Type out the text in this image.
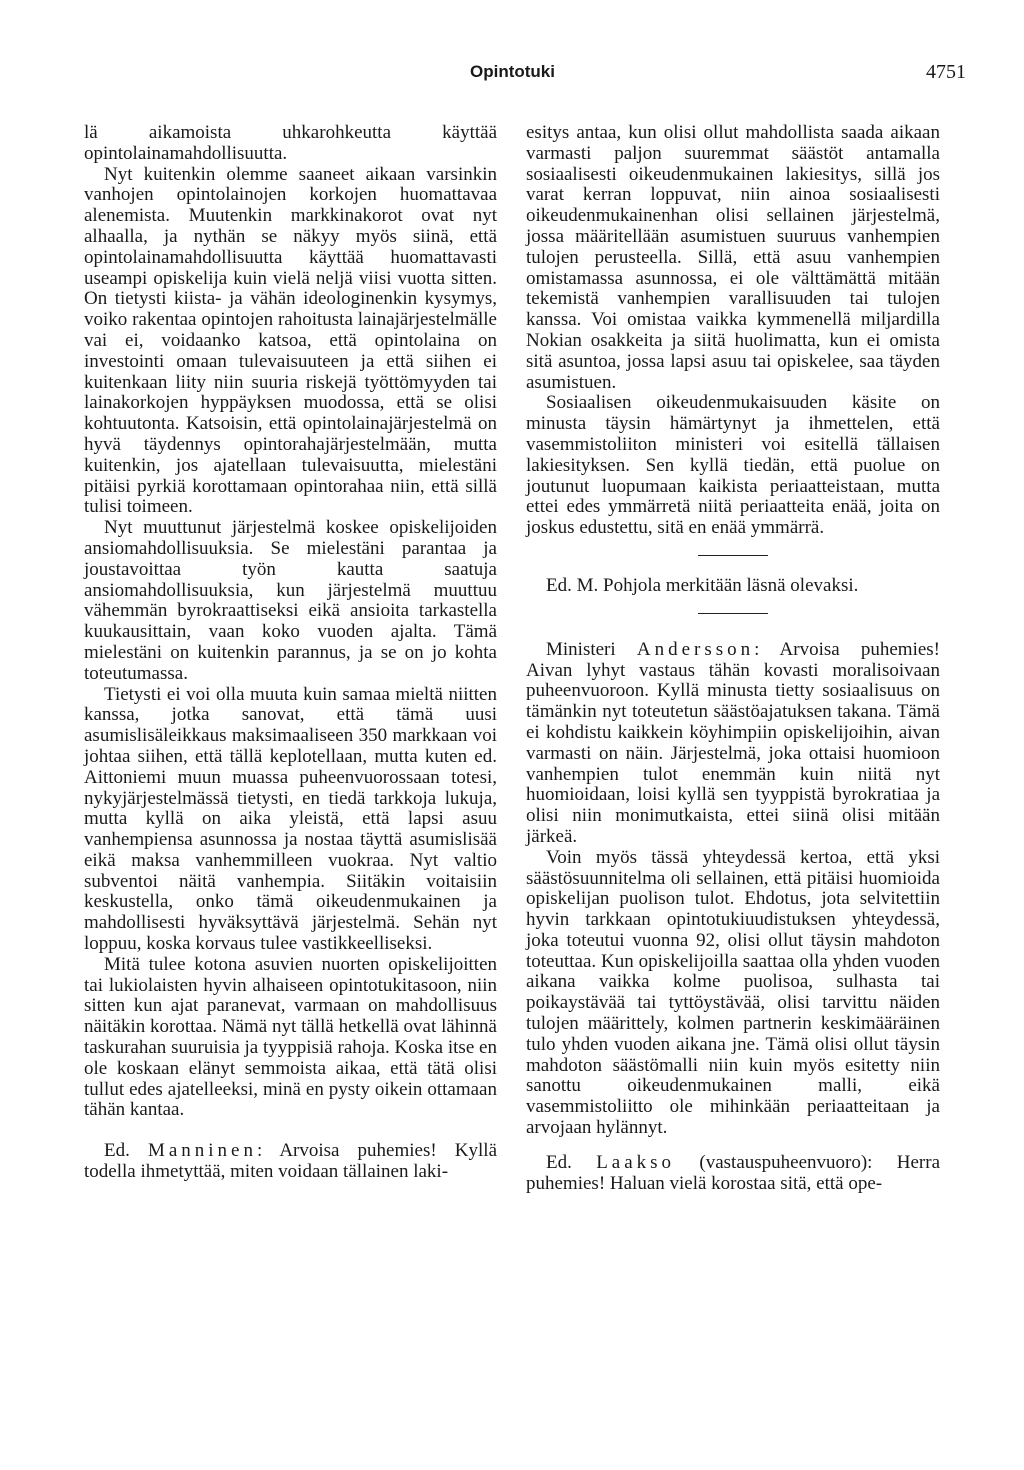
Opintotuki	4751

lä aikamoista uhkarohkeutta käyttää opintolainamahdollisuutta.

Nyt kuitenkin olemme saaneet aikaan varsinkin vanhojen opintolainojen korkojen huomattavaa alenemista. Muutenkin markkinakorot ovat nyt alhaalla, ja nythän se näkyy myös siinä, että opintolainamahdollisuutta käyttää huomattavasti useampi opiskelija kuin vielä neljä viisi vuotta sitten. On tietysti kiista- ja vähän ideologinenkin kysymys, voiko rakentaa opintojen rahoitusta lainajärjestelmälle vai ei, voidaanko katsoa, että opintolaina on investointi omaan tulevaisuuteen ja että siihen ei kuitenkaan liity niin suuria riskejä työttömyyden tai lainakorkojen hyppäyksen muodossa, että se olisi kohtuutonta. Katsoisin, että opintolainajärjestelmä on hyvä täydennys opintorahajärjestelmään, mutta kuitenkin, jos ajatellaan tulevaisuutta, mielestäni pitäisi pyrkiä korottamaan opintorahaa niin, että sillä tulisi toimeen.

Nyt muuttunut järjestelmä koskee opiskelijoiden ansiomahdollisuuksia. Se mielestäni parantaa ja joustavoittaa työn kautta saatuja ansiomahdollisuuksia, kun järjestelmä muuttuu vähemmän byrokraattiseksi eikä ansioita tarkastella kuukausittain, vaan koko vuoden ajalta. Tämä mielestäni on kuitenkin parannus, ja se on jo kohta toteutumassa.

Tietysti ei voi olla muuta kuin samaa mieltä niitten kanssa, jotka sanovat, että tämä uusi asumislisäleikkaus maksimaaliseen 350 markkaan voi johtaa siihen, että tällä keplotellaan, mutta kuten ed. Aittoniemi muun muassa puheenvuorossaan totesi, nykyjärjestelmässä tietysti, en tiedä tarkkoja lukuja, mutta kyllä on aika yleistä, että lapsi asuu vanhempiensa asunnossa ja nostaa täyttä asumislisää eikä maksa vanhemmilleen vuokraa. Nyt valtio subventoi näitä vanhempia. Siitäkin voitaisiin keskustella, onko tämä oikeudenmukainen ja mahdollisesti hyväksyttävä järjestelmä. Sehän nyt loppuu, koska korvaus tulee vastikkeelliseksi.

Mitä tulee kotona asuvien nuorten opiskelijoitten tai lukiolaisten hyvin alhaiseen opintotukitasoon, niin sitten kun ajat paranevat, varmaan on mahdollisuus näitäkin korottaa. Nämä nyt tällä hetkellä ovat lähinnä taskurahan suuruisia ja tyyppisiä rahoja. Koska itse en ole koskaan elänyt semmoista aikaa, että tätä olisi tullut edes ajatelleeksi, minä en pysty oikein ottamaan tähän kantaa.

Ed. Manninen: Arvoisa puhemies! Kyllä todella ihmetyttää, miten voidaan tällainen laki-

esitys antaa, kun olisi ollut mahdollista saada aikaan varmasti paljon suuremmat säästöt antamalla sosiaalisesti oikeudenmukainen lakiesitys, sillä jos varat kerran loppuvat, niin ainoa sosiaalisesti oikeudenmukainenhan olisi sellainen järjestelmä, jossa määritellään asumistuen suuruus vanhempien tulojen perusteella. Sillä, että asuu vanhempien omistamassa asunnossa, ei ole välttämättä mitään tekemistä vanhempien varallisuuden tai tulojen kanssa. Voi omistaa vaikka kymmenellä miljardilla Nokian osakkeita ja siitä huolimatta, kun ei omista sitä asuntoa, jossa lapsi asuu tai opiskelee, saa täyden asumistuen.

Sosiaalisen oikeudenmukaisuuden käsite on minusta täysin hämärtynyt ja ihmettelen, että vasemmistoliiton ministeri voi esitellä tällaisen lakiesityksen. Sen kyllä tiedän, että puolue on joutunut luopumaan kaikista periaatteistaan, mutta ettei edes ymmärretä niitä periaatteita enää, joita on joskus edustettu, sitä en enää ymmärrä.

Ed. M. Pohjola merkitään läsnä olevaksi.

Ministeri Andersson: Arvoisa puhemies! Aivan lyhyt vastaus tähän kovasti moralisoivaan puheenvuoroon. Kyllä minusta tietty sosiaalisuus on tämänkin nyt toteutetun säästöajatuksen takana. Tämä ei kohdistu kaikkein köyhimpiin opiskelijoihin, aivan varmasti on näin. Järjestelmä, joka ottaisi huomioon vanhempien tulot enemmän kuin niitä nyt huomioidaan, loisi kyllä sen tyyppistä byrokratiaa ja olisi niin monimutkaista, ettei siinä olisi mitään järkeä.

Voin myös tässä yhteydessä kertoa, että yksi säästösuunnitelma oli sellainen, että pitäisi huomioida opiskelijan puolison tulot. Ehdotus, jota selvitettiin hyvin tarkkaan opintotukiuudistuksen yhteydessä, joka toteutui vuonna 92, olisi ollut täysin mahdoton toteuttaa. Kun opiskelijoilla saattaa olla yhden vuoden aikana vaikka kolme puolisoa, sulhasta tai poikaystävää tai tyttöystävää, olisi tarvittu näiden tulojen määrittely, kolmen partnerin keskimääräinen tulo yhden vuoden aikana jne. Tämä olisi ollut täysin mahdoton säästömalli niin kuin myös esitetty niin sanottu oikeudenmukainen malli, eikä vasemmistoliitto ole mihinkään periaatteitaan ja arvojaan hylännyt.

Ed. Laakso (vastauspuheenvuoro): Herra puhemies! Haluan vielä korostaa sitä, että ope-
